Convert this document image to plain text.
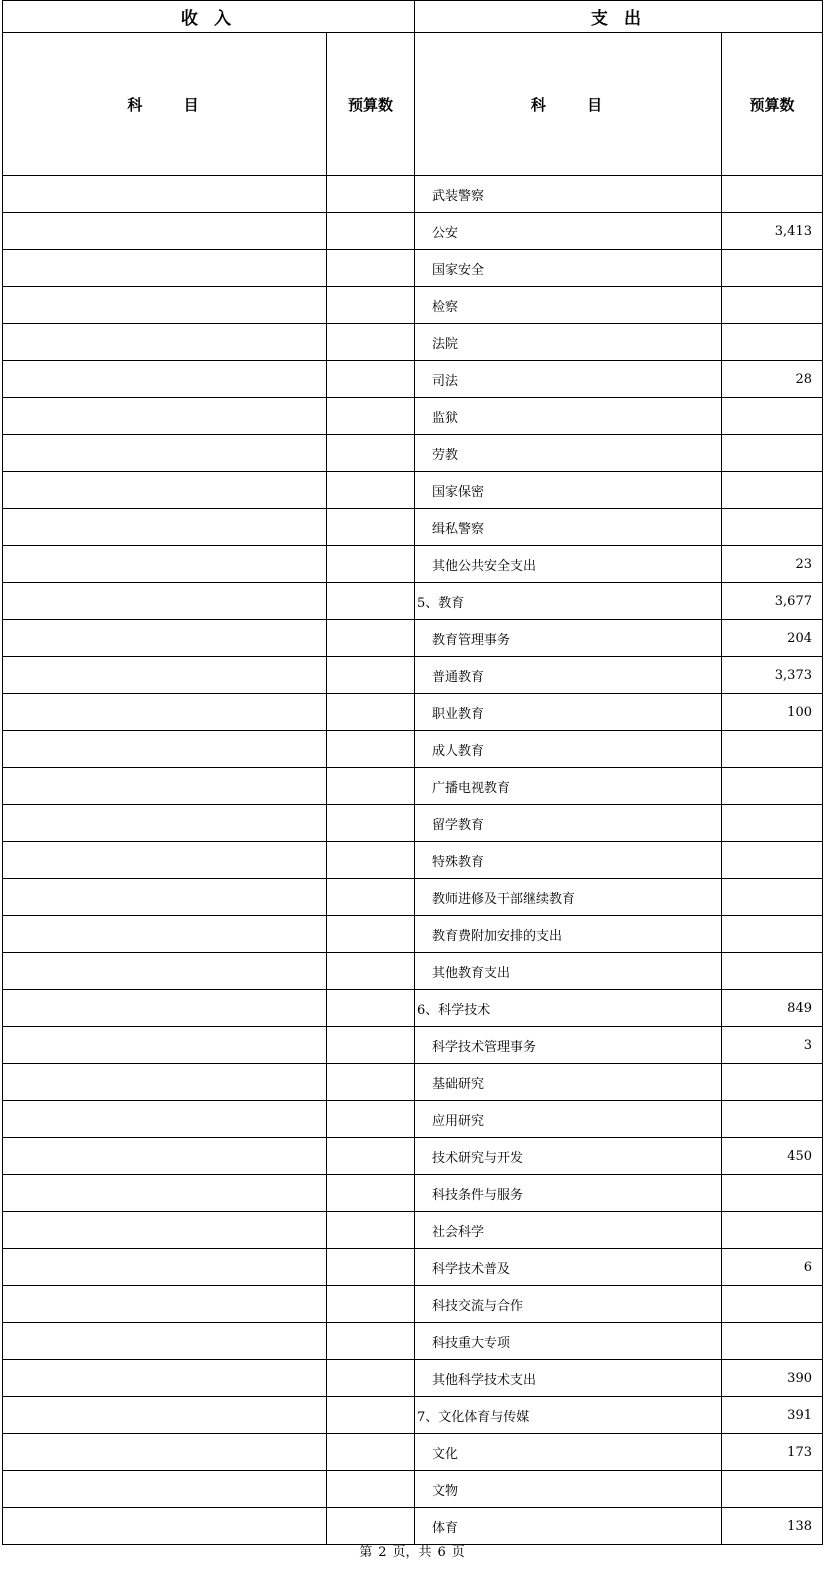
收 入		支 出	
科 目	预算数	科 目	预算数
		武装警察	
		公安	3,413
		国家安全	
		检察	
		法院	
		司法	28
		监狱	
		劳教	
		国家保密	
		缉私警察	
		其他公共安全支出	23
		5、教育	3,677
		教育管理事务	204
		普通教育	3,373
		职业教育	100
		成人教育	
		广播电视教育	
		留学教育	
		特殊教育	
		教师进修及干部继续教育	
		教育费附加安排的支出	
		其他教育支出	
		6、科学技术	849
		科学技术管理事务	3
		基础研究	
		应用研究	
		技术研究与开发	450
		科技条件与服务	
		社会科学	
		科学技术普及	6
		科技交流与合作	
		科技重大专项	
		其他科学技术支出	390
		7、文化体育与传媒	391
		文化	173
		文物	
		体育	138
第 2 页，共 6 页
